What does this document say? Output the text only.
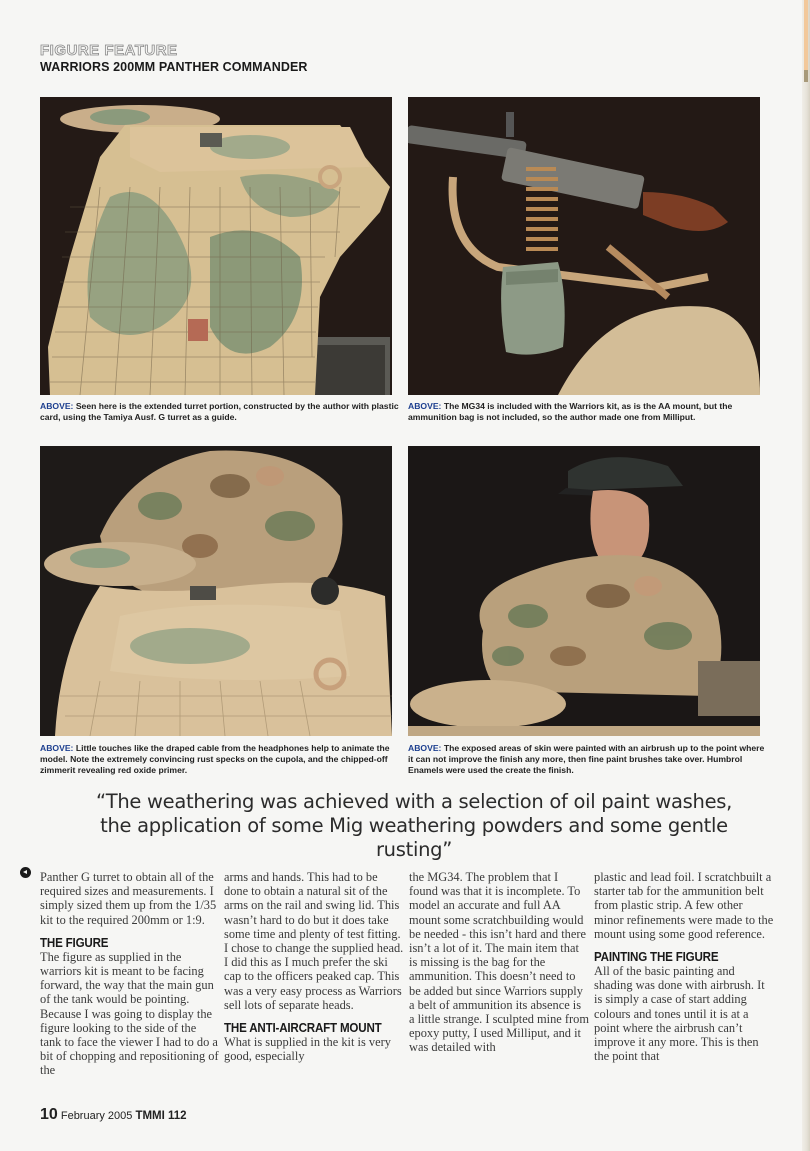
FIGURE FEATURE
WARRIORS 200MM PANTHER COMMANDER
ABOVE: Seen here is the extended turret portion, constructed by the author with plastic card, using the Tamiya Ausf. G turret as a guide.
ABOVE: The MG34 is included with the Warriors kit, as is the AA mount, but the ammunition bag is not included, so the author made one from Milliput.
ABOVE: Little touches like the draped cable from the headphones help to animate the model. Note the extremely convincing rust specks on the cupola, and the chipped-off zimmerit revealing red oxide primer.
ABOVE: The exposed areas of skin were painted with an airbrush up to the point where it can not improve the finish any more, then fine paint brushes take over. Humbrol Enamels were used the create the finish.
“The weathering was achieved with a selection of oil paint washes, the application of some Mig weathering powders and some gentle rusting”

Panther G turret to obtain all of the required sizes and measurements. I simply sized them up from the 1/35 kit to the required 200mm or 1:9.

THE FIGURE

The figure as supplied in the warriors kit is meant to be facing forward, the way that the main gun of the tank would be pointing. Because I was going to display the figure looking to the side of the tank to face the viewer I had to do a bit of chopping and repositioning of the

arms and hands. This had to be done to obtain a natural sit of the arms on the rail and swing lid. This wasn’t hard to do but it does take some time and plenty of test fitting. I chose to change the supplied head. I did this as I much prefer the ski cap to the officers peaked cap. This was a very easy process as Warriors sell lots of separate heads.

THE ANTI-AIRCRAFT MOUNT

What is supplied in the kit is very good, especially

the MG34. The problem that I found was that it is incomplete. To model an accurate and full AA mount some scratchbuilding would be needed - this isn’t hard and there isn’t a lot of it. The main item that is missing is the bag for the ammunition. This doesn’t need to be added but since Warriors supply a belt of ammunition its absence is a little strange. I sculpted mine from epoxy putty, I used Milliput, and it was detailed with

plastic and lead foil. I scratchbuilt a starter tab for the ammunition belt from plastic strip. A few other minor refinements were made to the mount using some good reference.

PAINTING THE FIGURE

All of the basic painting and shading was done with airbrush. It is simply a case of start adding colours and tones until it is at a point where the airbrush can’t improve it any more. This is then the point that

10 February 2005 TMMI 112
